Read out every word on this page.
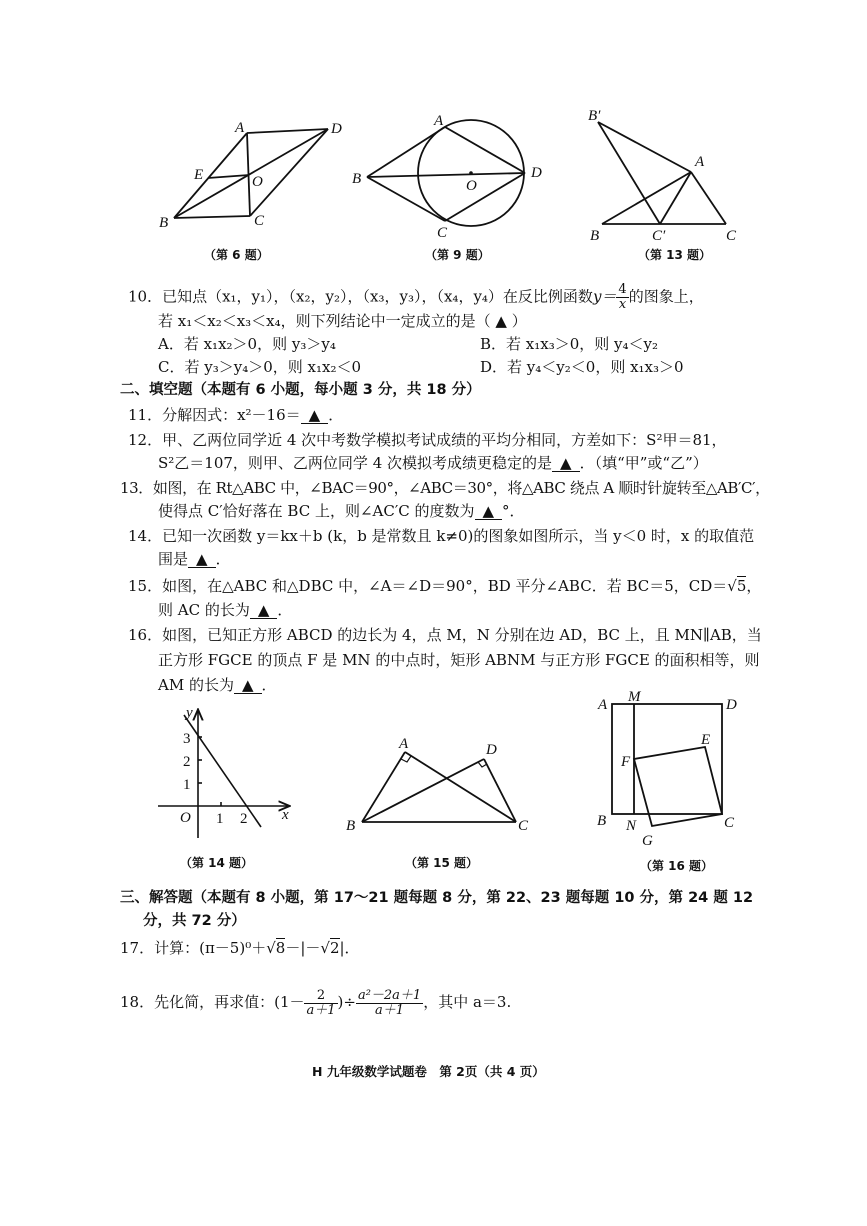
A	D
E	O
B	C
（第 6 题）
A
B	O
D
C
（第 9 题）
B′
A
B	C′	C
（第 13 题）
10．已知点（x₁，y₁），（x₂，y₂），（x₃，y₃），（x₄，y₄）在反比例函数$y= \frac{4}{x}$ 的图象上，
若 x₁＜x₂＜x₃＜x₄，则下列结论中一定成立的是（ ▲ ）
A．若 x₁x₂＞0，则 y₃＞y₄	B．若 x₁x₃＞0，则 y₄＜y₂
C．若 y₃＞y₄＞0，则 x₁x₂＜0	D．若 y₄＜y₂＜0，则 x₁x₃＞0
二、填空题（本题有 6 小题，每小题 3 分，共 18 分）
11．分解因式：x²－16＝ ▲ ．
12．甲、乙两位同学近 4 次中考数学模拟考试成绩的平均分相同，方差如下：S²甲＝81，
S²乙＝107，则甲、乙两位同学 4 次模拟考成绩更稳定的是 ▲ ．（填“甲”或“乙”）
13．如图，在 Rt△ABC 中，∠BAC＝90°，∠ABC＝30°，将△ABC 绕点 A 顺时针旋转至△AB′C′，
使得点 C′恰好落在 BC 上，则∠AC′C 的度数为 ▲ °．
14．已知一次函数 y＝kx＋b (k，b 是常数且 k≠0)的图象如图所示，当 y＜0 时，x 的取值范
围是 ▲ ．
15．如图，在△ABC 和△DBC 中，∠A＝∠D＝90°，BD 平分∠ABC．若 BC＝5，CD＝√5，
则 AC 的长为 ▲ ．
16．如图，已知正方形 ABCD 的边长为 4，点 M，N 分别在边 AD，BC 上，且 MN∥AB，当
正方形 FGCE 的顶点 F 是 MN 的中点时，矩形 ABNM 与正方形 FGCE 的面积相等，则
AM 的长为 ▲ ．
y
x
O 1 2
1
2
3
（第 14 题）
A	D
B	C
（第 15 题）
A M	D
E
F
B N
G
C
（第 16 题）
三、解答题（本题有 8 小题，第 17～21 题每题 8 分，第 22、23 题每题 10 分，第 24 题 12
分，共 72 分）
17．计算：(π－5)⁰＋√8－|－√2|．
18．先化简，再求值：($1- \frac{2}{a+1}$ )÷ $\frac{\text{a²－2a＋1}}{a+1}$ ，其中 a＝3.
H 九年级数学试题卷　第 2页（共 4 页）
